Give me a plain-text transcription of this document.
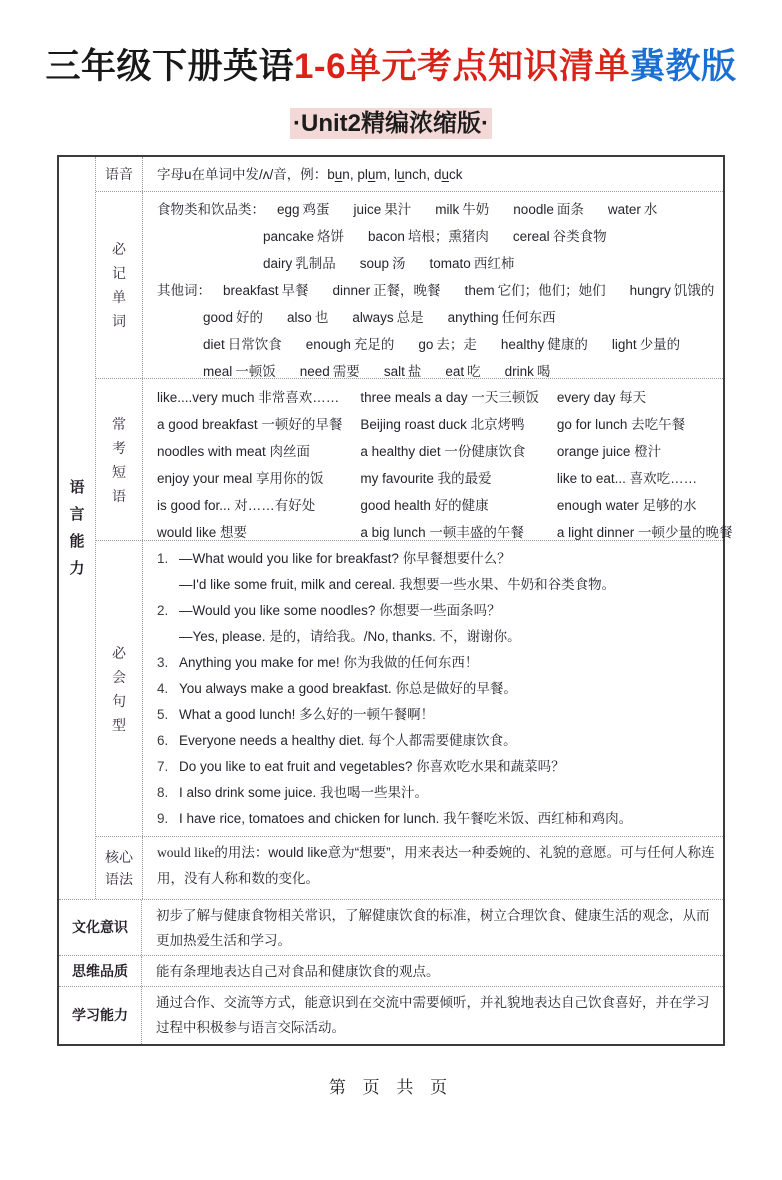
三年级下册英语1-6单元考点知识清单冀教版
·Unit2精编浓缩版·
语言能力
语音 字母u在单词中发/ʌ/音，例：bun, plum, lunch, duck
必记单词
食物类和饮品类： egg 鸡蛋 juice 果汁 milk 牛奶 noodle 面条 water 水
pancake 烙饼 bacon 培根；熏猪肉 cereal 谷类食物
dairy 乳制品 soup 汤 tomato 西红柿
其他词： breakfast 早餐 dinner 正餐，晚餐 them 它们；他们；她们 hungry 饥饿的
good 好的 also 也 always 总是 anything 任何东西
diet 日常饮食 enough 充足的 go 去；走 healthy 健康的 light 少量的
meal 一顿饭 need 需要 salt 盐 eat 吃 drink 喝
常考短语
like....very much 非常喜欢…… three meals a day 一天三顿饭 every day 每天
a good breakfast 一顿好的早餐 Beijing roast duck 北京烤鸭	go for lunch 去吃午餐
noodles with meat 肉丝面	a healthy diet 一份健康饮食	orange juice 橙汁
enjoy your meal 享用你的饭	my favourite 我的最爱	like to eat... 喜欢吃……
is good for... 对……有好处	good health 好的健康	enough water 足够的水
would like 想要	a big lunch 一顿丰盛的午餐	a light dinner 一顿少量的晚餐
必会句型
1. —What would you like for breakfast? 你早餐想要什么？
—I'd like some fruit, milk and cereal. 我想要一些水果、牛奶和谷类食物。
2. —Would you like some noodles? 你想要一些面条吗？
—Yes, please. 是的，请给我。/No, thanks. 不，谢谢你。
3. Anything you make for me! 你为我做的任何东西！
4. You always make a good breakfast. 你总是做好的早餐。
5. What a good lunch! 多么好的一顿午餐啊！
6. Everyone needs a healthy diet. 每个人都需要健康饮食。
7. Do you like to eat fruit and vegetables? 你喜欢吃水果和蔬菜吗？
8. I also drink some juice. 我也喝一些果汁。
9. I have rice, tomatoes and chicken for lunch. 我午餐吃米饭、西红柿和鸡肉。
核心语法
would like的用法：would like意为“想要”，用来表达一种委婉的、礼貌的意愿。可与任何人称连用，没有人称和数的变化。
文化意识
初步了解与健康食物相关常识，了解健康饮食的标准，树立合理饮食、健康生活的观念，从而更加热爱生活和学习。
思维品质	能有条理地表达自己对食品和健康饮食的观点。
学习能力
通过合作、交流等方式，能意识到在交流中需要倾听，并礼貌地表达自己饮食喜好，并在学习过程中积极参与语言交际活动。
第 页 共 页
